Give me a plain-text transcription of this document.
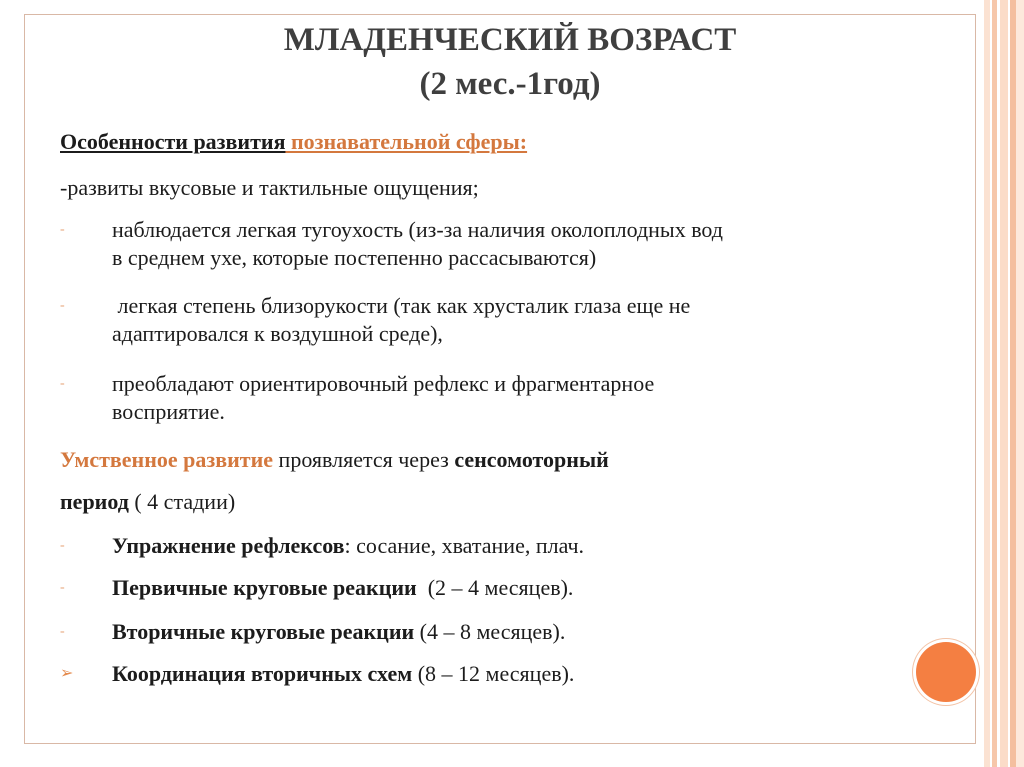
МЛАДЕНЧЕСКИЙ ВОЗРАСТ
(2 мес.-1год)
Особенности развития познавательной сферы:
-развиты вкусовые и тактильные ощущения;
-	наблюдается легкая тугоухость (из-за наличия околоплодных вод
в среднем ухе, которые постепенно рассасываются)
-	легкая степень близорукости (так как хрусталик глаза еще не
адаптировался к воздушной среде),
-	преобладают ориентировочный рефлекс и фрагментарное
восприятие.
Умственное развитие проявляется через сенсомоторный
период ( 4 стадии)
-	Упражнение рефлексов: сосание, хватание, плач.
-	Первичные круговые реакции  (2 – 4 месяцев).
-	Вторичные круговые реакции (4 – 8 месяцев).
➢ Координация вторичных схем (8 – 12 месяцев).
